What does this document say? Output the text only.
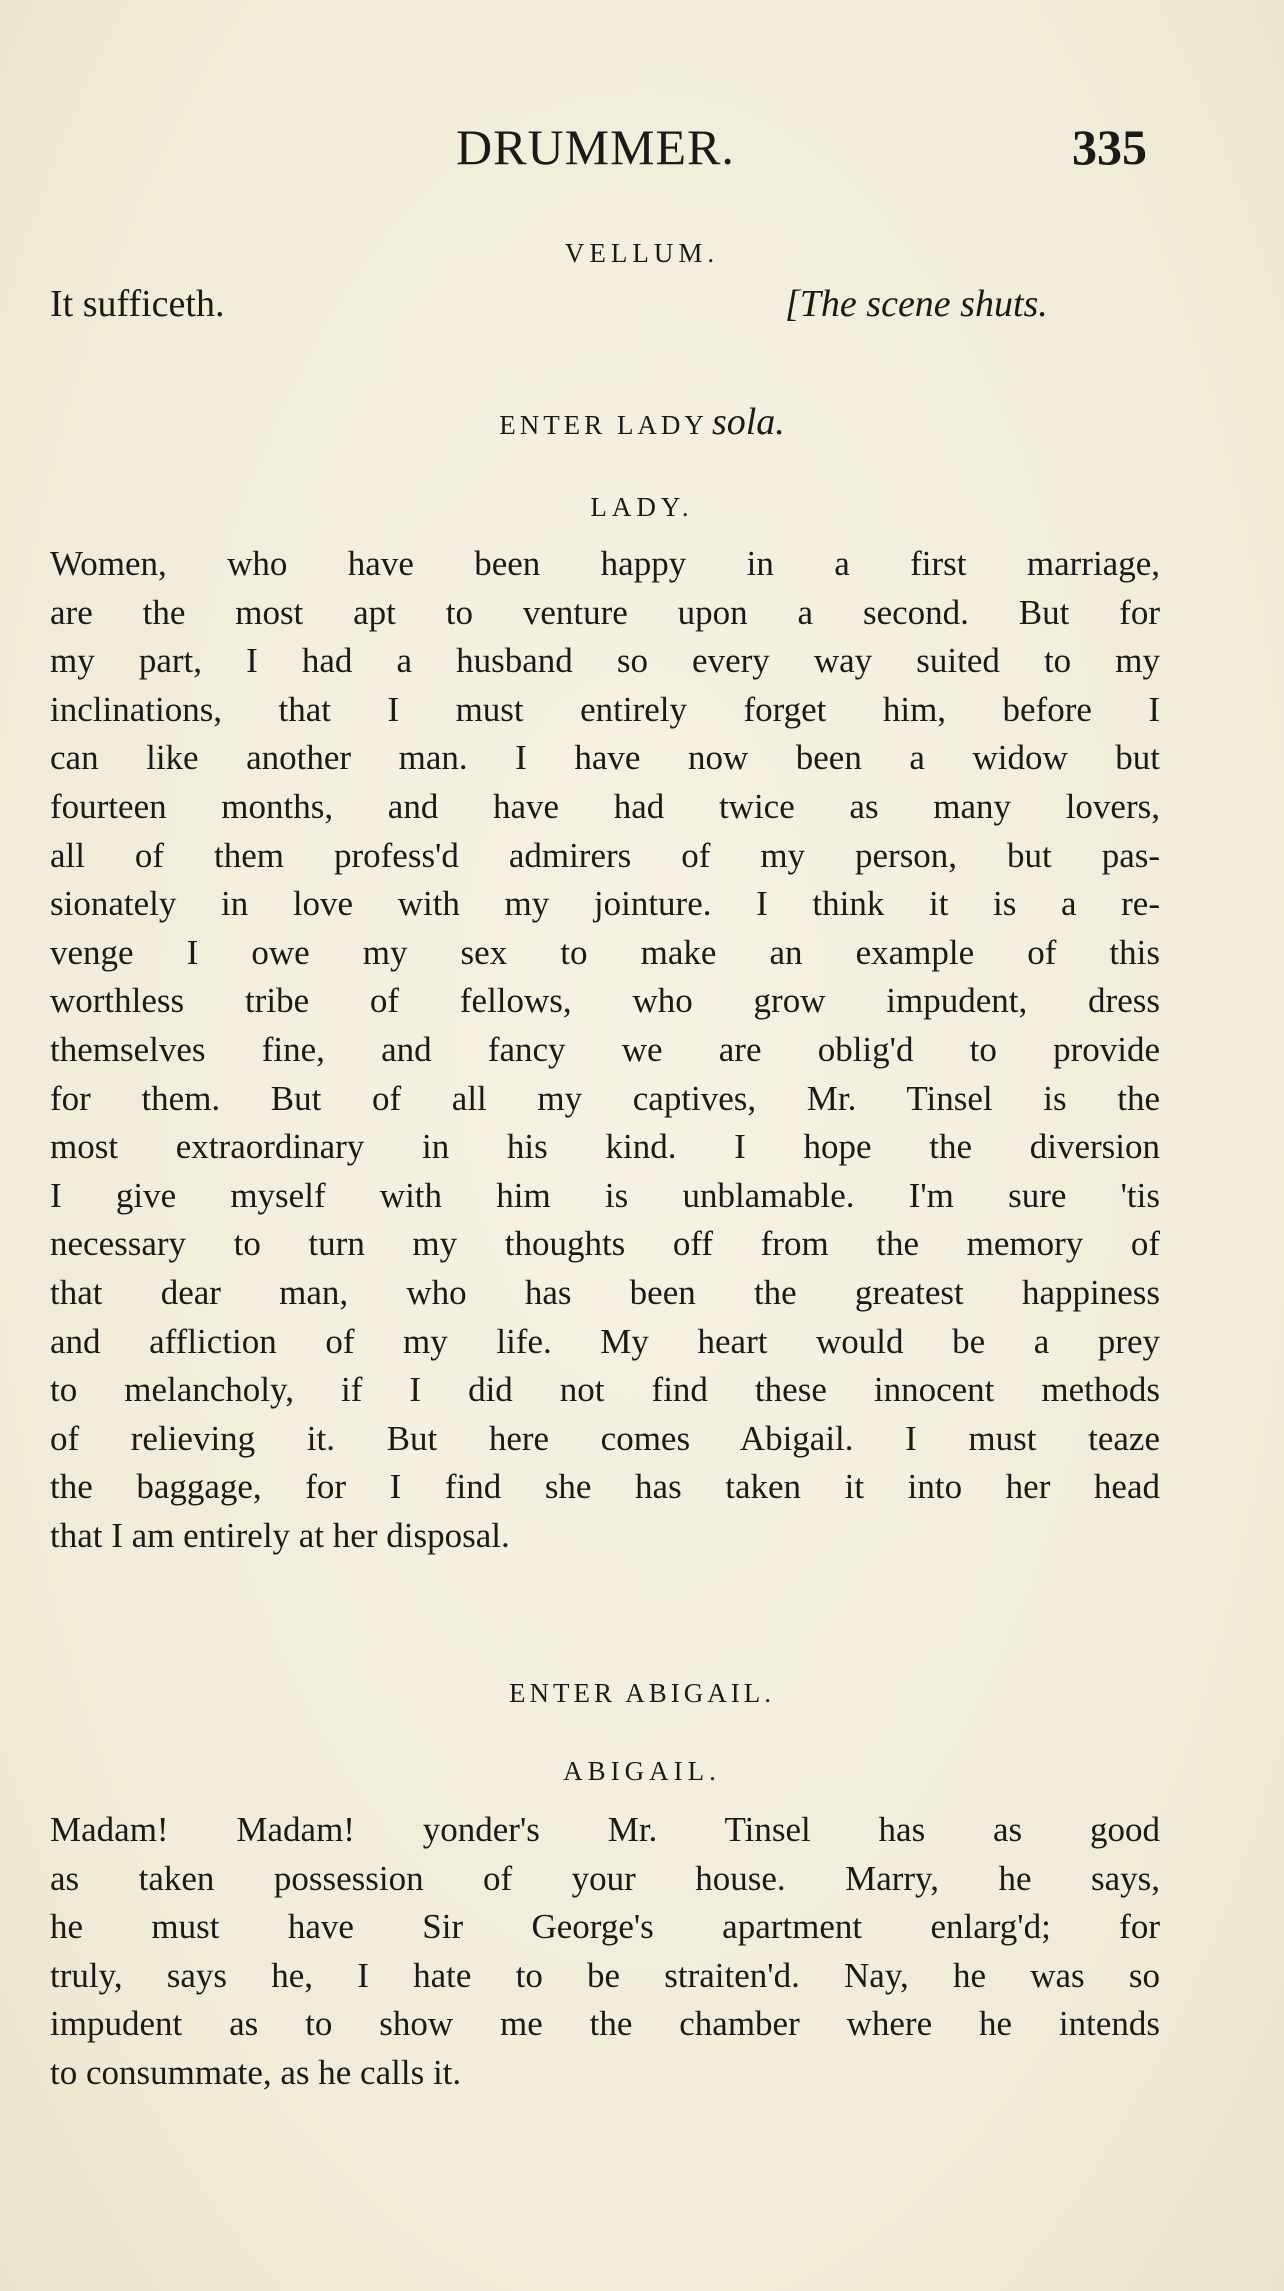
DRUMMER.	335
VELLUM.
It sufficeth.	[The scene shuts.
ENTER LADY sola.
LADY.
Women, who have been happy in a first marriage,
are the most apt to venture upon a second. But for
my part, I had a husband so every way suited to my
inclinations, that I must entirely forget him, before I
can like another man. I have now been a widow but
fourteen months, and have had twice as many lovers,
all of them profess'd admirers of my person, but pas-
sionately in love with my jointure. I think it is a re-
venge I owe my sex to make an example of this
worthless tribe of fellows, who grow impudent, dress
themselves fine, and fancy we are oblig'd to provide
for them. But of all my captives, Mr. Tinsel is the
most extraordinary in his kind. I hope the diversion
I give myself with him is unblamable. I'm sure 'tis
necessary to turn my thoughts off from the memory of
that dear man, who has been the greatest happiness
and affliction of my life. My heart would be a prey
to melancholy, if I did not find these innocent methods
of relieving it. But here comes Abigail. I must teaze
the baggage, for I find she has taken it into her head
that I am entirely at her disposal.
ENTER ABIGAIL.
ABIGAIL.
Madam! Madam! yonder's Mr. Tinsel has as good
as taken possession of your house. Marry, he says,
he must have Sir George's apartment enlarg'd; for
truly, says he, I hate to be straiten'd. Nay, he was so
impudent as to show me the chamber where he intends
to consummate, as he calls it.
